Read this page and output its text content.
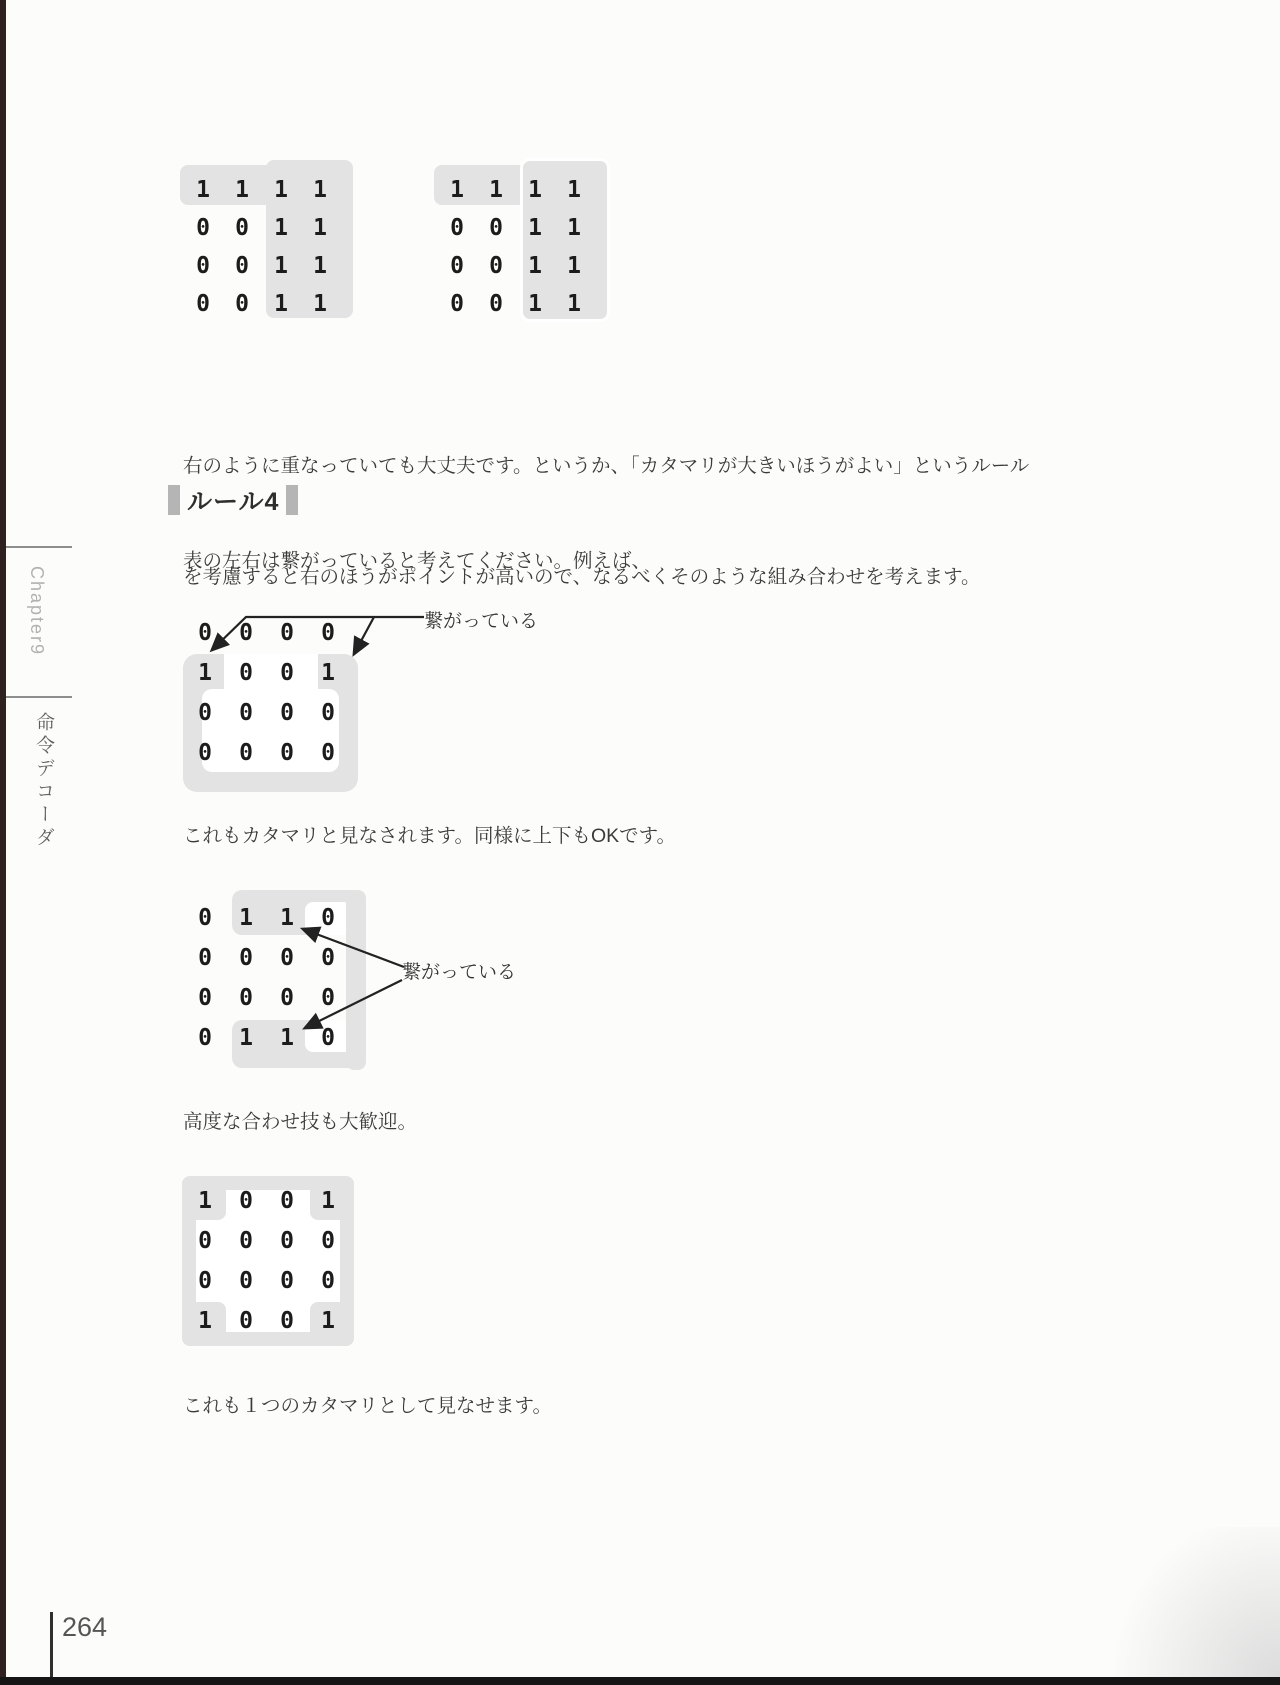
1 1 1 1
0 0 1 1
0 0 1 1
0 0 1 1
1 1 1 1
0 0 1 1
0 0 1 1
0 0 1 1

右のように重なっていても大丈夫です。というか、「カタマリが大きいほうがよい」というルール

を考慮すると右のほうがポイントが高いので、なるべくそのような組み合わせを考えます。

ルール4
表の左右は繋がっていると考えてください。例えば、
0 0 0 0
1 0 0 1
0 0 0 0
0 0 0 0
繋がっている
これもカタマリと見なされます。同様に上下もOKです。
0 1 1 0
0 0 0 0
0 0 0 0
0 1 1 0
繋がっている
高度な合わせ技も大歓迎。
1 0 0 1
0 0 0 0
0 0 0 0
1 0 0 1
これも１つのカタマリとして見なせます。
Chapter9
命令デコーダ
264
